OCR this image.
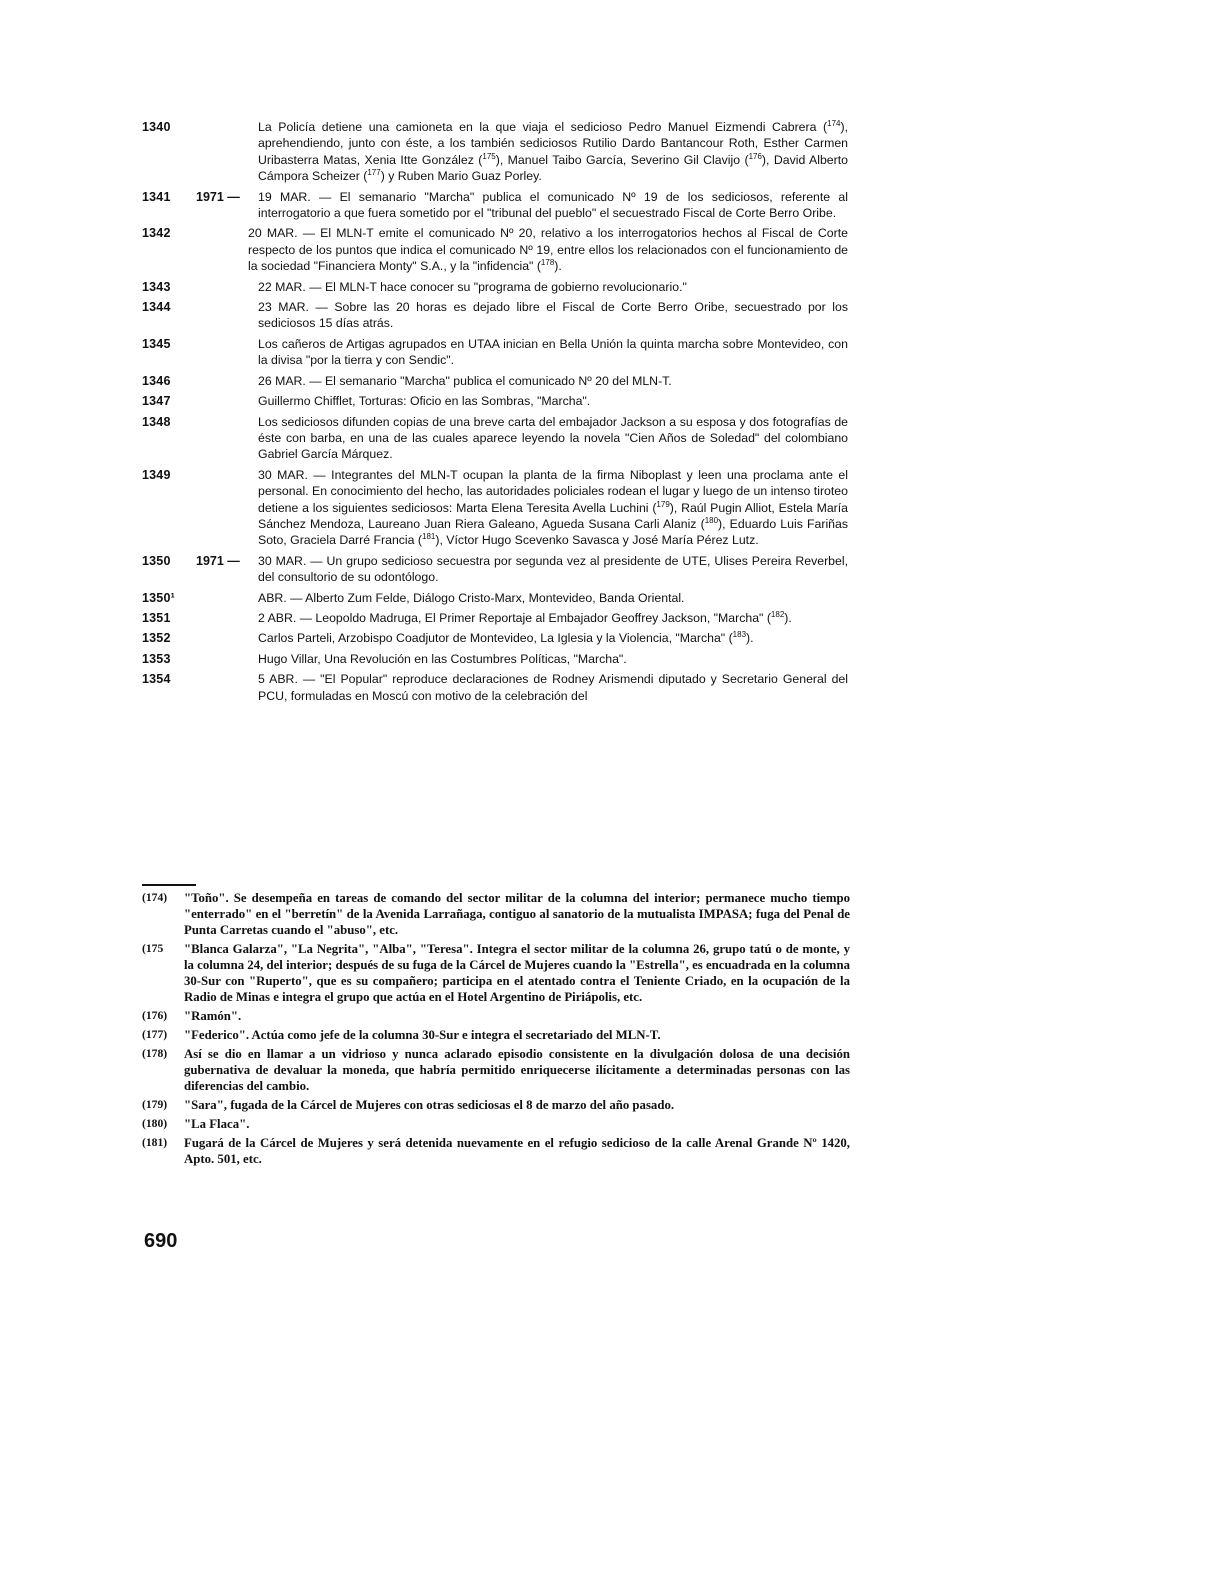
1340	La Policía detiene una camioneta en la que viaja el sedicioso Pedro Manuel Eizmendi Cabrera ($^{174}$), aprehendiendo, junto con éste, a los también sediciosos Rutilio Dardo Bantancour Roth, Esther Carmen Uribasterra Matas, Xenia Itte González ($^{175}$), Manuel Taibo García, Severino Gil Clavijo ($^{176}$), David Alberto Cámpora Scheizer ($^{177}$) y Ruben Mario Guaz Porley.
1341 1971 — 19 MAR. — El semanario "Marcha" publica el comunicado Nº 19 de los sediciosos, referente al interrogatorio a que fuera sometido por el "tribunal del pueblo" el secuestrado Fiscal de Corte Berro Oribe.
1342	20 MAR. — El MLN-T emite el comunicado Nº 20, relativo a los interrogatorios hechos al Fiscal de Corte respecto de los puntos que indica el comunicado Nº 19, entre ellos los relacionados con el funcionamiento de la sociedad "Financiera Monty" S.A., y la "infidencia" ($^{178}$).
1343	22 MAR. — El MLN-T hace conocer su "programa de gobierno revolucionario."
1344	23 MAR. — Sobre las 20 horas es dejado libre el Fiscal de Corte Berro Oribe, secuestrado por los sediciosos 15 días atrás.
1345	Los cañeros de Artigas agrupados en UTAA inician en Bella Unión la quinta marcha sobre Montevideo, con la divisa "por la tierra y con Sendic".
1346	26 MAR. — El semanario "Marcha" publica el comunicado Nº 20 del MLN-T.
1347	Guillermo Chifflet, Torturas: Oficio en las Sombras, "Marcha".
1348	Los sediciosos difunden copias de una breve carta del embajador Jackson a su esposa y dos fotografías de éste con barba, en una de las cuales aparece leyendo la novela "Cien Años de Soledad" del colombiano Gabriel García Márquez.
1349	30 MAR. — Integrantes del MLN-T ocupan la planta de la firma Niboplast y leen una proclama ante el personal. En conocimiento del hecho, las autoridades policiales rodean el lugar y luego de un intenso tiroteo detiene a los siguientes sediciosos: Marta Elena Teresita Avella Luchini ($^{179}$), Raúl Pugin Alliot, Estela María Sánchez Mendoza, Laureano Juan Riera Galeano, Agueda Susana Carli Alaniz ($^{180}$), Eduardo Luis Fariñas Soto, Graciela Darré Francia ($^{181}$), Víctor Hugo Scevenko Savasca y José María Pérez Lutz.
1350 1971 — 30 MAR. — Un grupo sedicioso secuestra por segunda vez al presidente de UTE, Ulises Pereira Reverbel, del consultorio de su odontólogo.
1350¹	ABR. — Alberto Zum Felde, Diálogo Cristo-Marx, Montevideo, Banda Oriental.
1351	2 ABR. — Leopoldo Madruga, El Primer Reportaje al Embajador Geoffrey Jackson, "Marcha" ($^{182}$).
1352	Carlos Parteli, Arzobispo Coadjutor de Montevideo, La Iglesia y la Violencia, "Marcha" ($^{183}$).
1353	Hugo Villar, Una Revolución en las Costumbres Políticas, "Marcha".
1354	5 ABR. — "El Popular" reproduce declaraciones de Rodney Arismendi diputado y Secretario General del PCU, formuladas en Moscú con motivo de la celebración del
(174) "Toño". Se desempeña en tareas de comando del sector militar de la columna del interior; permanece mucho tiempo "enterrado" en el "berretín" de la Avenida Larrañaga, contiguo al sanatorio de la mutualista IMPASA; fuga del Penal de Punta Carretas cuando el "abuso", etc.
(175 "Blanca Galarza", "La Negrita", "Alba", "Teresa". Integra el sector militar de la columna 26, grupo tatú o de monte, y la columna 24, del interior; después de su fuga de la Cárcel de Mujeres cuando la "Estrella", es encuadrada en la columna 30-Sur con "Ruperto", que es su compañero; participa en el atentado contra el Teniente Criado, en la ocupación de la Radio de Minas e integra el grupo que actúa en el Hotel Argentino de Piriápolis, etc.
(176) "Ramón".
(177) "Federico". Actúa como jefe de la columna 30-Sur e integra el secretariado del MLN-T.
(178) Así se dio en llamar a un vidrioso y nunca aclarado episodio consistente en la divulgación dolosa de una decisión gubernativa de devaluar la moneda, que habría permitido enriquecerse ilícitamente a determinadas personas con las diferencias del cambio.
(179) "Sara", fugada de la Cárcel de Mujeres con otras sediciosas el 8 de marzo del año pasado.
(180) "La Flaca".
(181) Fugará de la Cárcel de Mujeres y será detenida nuevamente en el refugio sedicioso de la calle Arenal Grande Nº 1420, Apto. 501, etc.
690
